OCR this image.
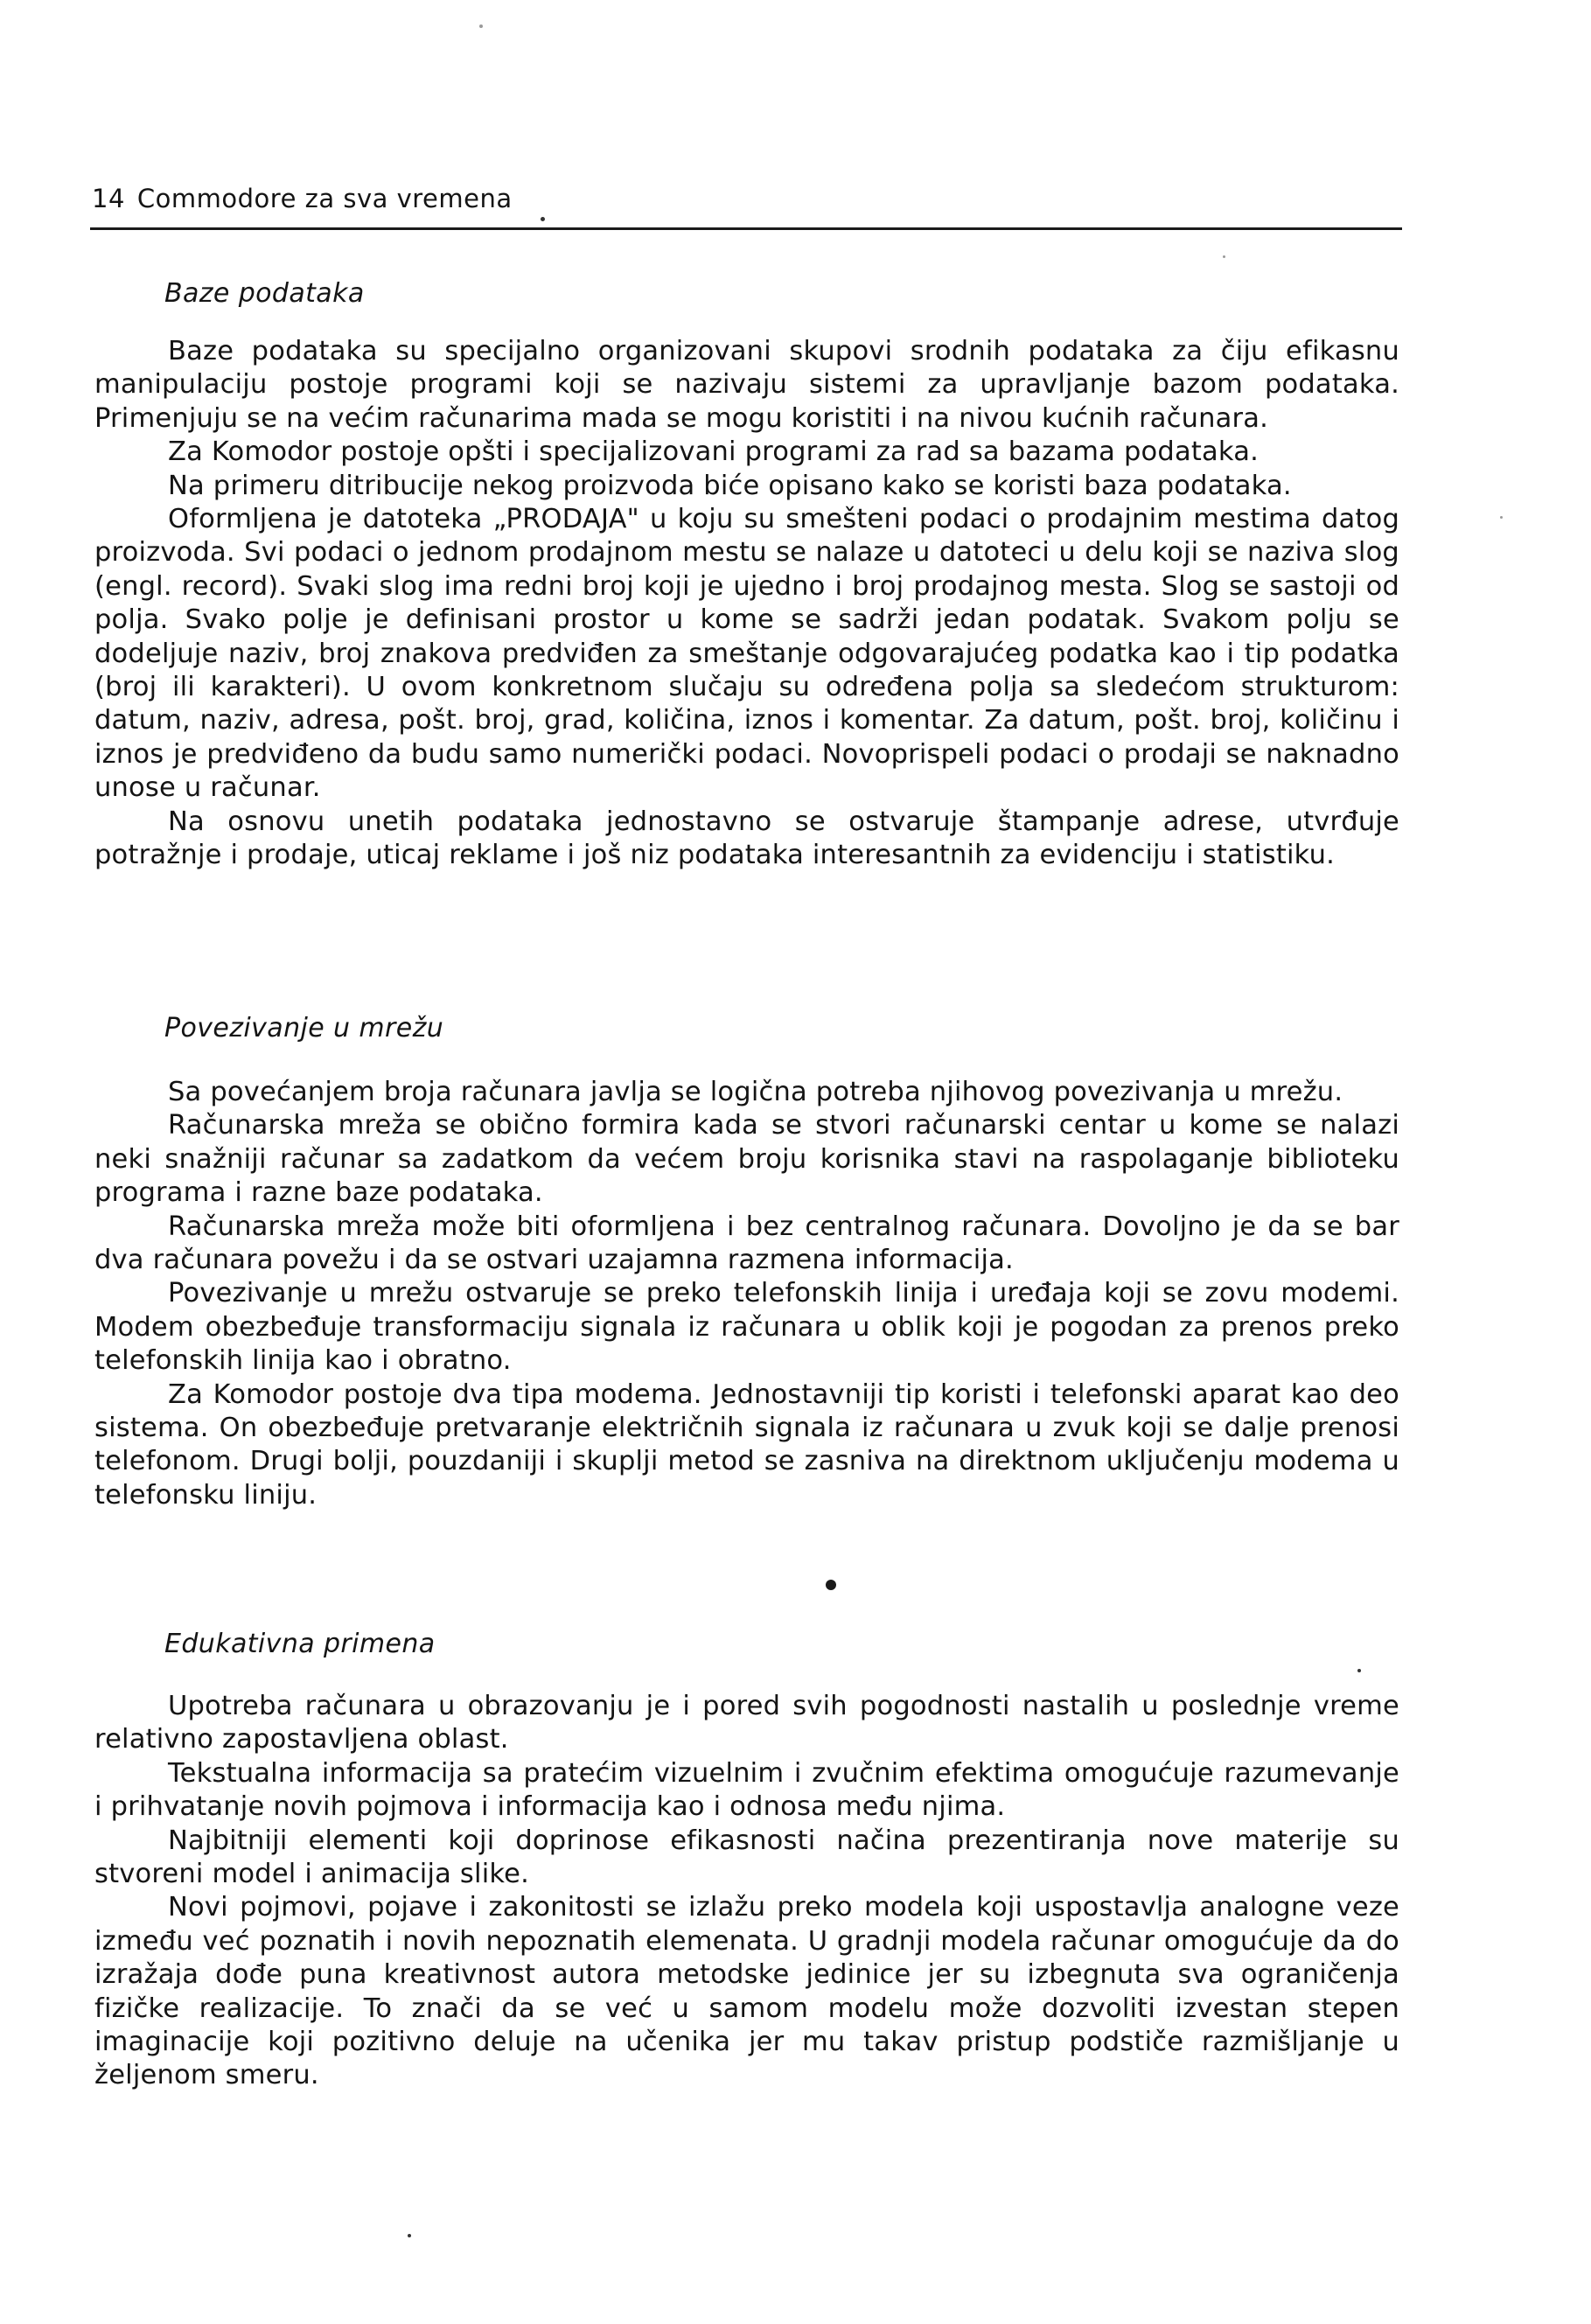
14 Commodore za sva vremena
Baze podataka

Baze podataka su specijalno organizovani skupovi srodnih podataka za čiju efikasnu manipulaciju postoje programi koji se nazivaju sistemi za upravljanje bazom podataka. Primenjuju se na većim računarima mada se mogu koristiti i na nivou kućnih računara.

Za Komodor postoje opšti i specijalizovani programi za rad sa bazama podataka.

Na primeru ditribucije nekog proizvoda biće opisano kako se koristi baza podataka.

Oformljena je datoteka „PRODAJA" u koju su smešteni podaci o prodajnim mestima datog proizvoda. Svi podaci o jednom prodajnom mestu se nalaze u datoteci u delu koji se naziva slog (engl. record). Svaki slog ima redni broj koji je ujedno i broj prodajnog mesta. Slog se sastoji od polja. Svako polje je definisani prostor u kome se sadrži jedan podatak. Svakom polju se dodeljuje naziv, broj znakova predviđen za smeštanje odgovarajućeg podatka kao i tip podatka (broj ili karakteri). U ovom konkretnom slučaju su određena polja sa sledećom strukturom: datum, naziv, adresa, pošt. broj, grad, količina, iznos i komentar. Za datum, pošt. broj, količinu i iznos je predviđeno da budu samo numerički podaci. Novoprispeli podaci o prodaji se naknadno unose u računar.

Na osnovu unetih podataka jednostavno se ostvaruje štampanje adrese, utvrđuje potražnje i prodaje, uticaj reklame i još niz podataka interesantnih za evidenciju i statistiku.

Povezivanje u mrežu

Sa povećanjem broja računara javlja se logična potreba njihovog povezivanja u mrežu.

Računarska mreža se obično formira kada se stvori računarski centar u kome se nalazi neki snažniji računar sa zadatkom da većem broju korisnika stavi na raspolaganje biblioteku programa i razne baze podataka.

Računarska mreža može biti oformljena i bez centralnog računara. Dovoljno je da se bar dva računara povežu i da se ostvari uzajamna razmena informacija.

Povezivanje u mrežu ostvaruje se preko telefonskih linija i uređaja koji se zovu modemi. Modem obezbeđuje transformaciju signala iz računara u oblik koji je pogodan za prenos preko telefonskih linija kao i obratno.

Za Komodor postoje dva tipa modema. Jednostavniji tip koristi i telefonski aparat kao deo sistema. On obezbeđuje pretvaranje električnih signala iz računara u zvuk koji se dalje prenosi telefonom. Drugi bolji, pouzdaniji i skuplji metod se zasniva na direktnom uključenju modema u telefonsku liniju.

Edukativna primena

Upotreba računara u obrazovanju je i pored svih pogodnosti nastalih u poslednje vreme relativno zapostavljena oblast.

Tekstualna informacija sa pratećim vizuelnim i zvučnim efektima omogućuje razumevanje i prihvatanje novih pojmova i informacija kao i odnosa među njima.

Najbitniji elementi koji doprinose efikasnosti načina prezentiranja nove materije su stvoreni model i animacija slike.

Novi pojmovi, pojave i zakonitosti se izlažu preko modela koji uspostavlja analogne veze između već poznatih i novih nepoznatih elemenata. U gradnji modela računar omogućuje da do izražaja dođe puna kreativnost autora metodske jedinice jer su izbegnuta sva ograničenja fizičke realizacije. To znači da se već u samom modelu može dozvoliti izvestan stepen imaginacije koji pozitivno deluje na učenika jer mu takav pristup podstiče razmišljanje u željenom smeru.
